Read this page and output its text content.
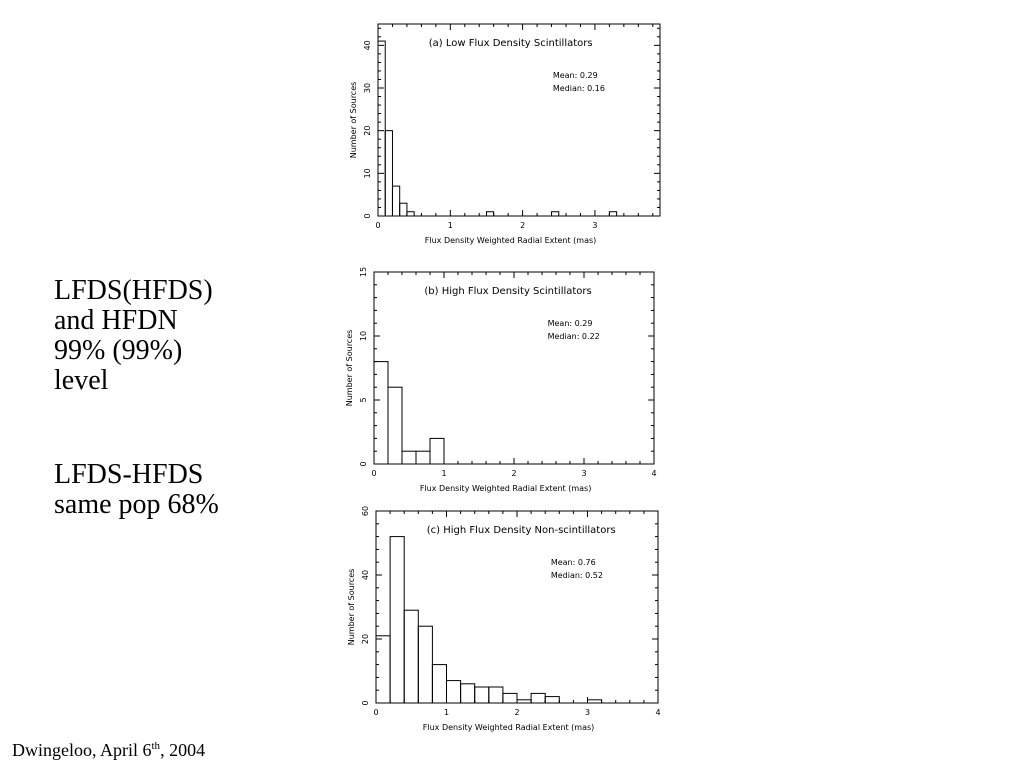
LFDS(HFDS)
and HFDN
99% (99%)
level
LFDS-HFDS
same pop 68%
Dwingeloo, April 6th, 2004
0	1	2	3
0
10
20
30
40	(a) Low Flux Density Scintillators
Mean: 0.29
Median: 0.16
Flux Density Weighted Radial Extent (mas)
Number of Sources
0	1	2	3	4
0
5
10
15
(b) High Flux Density Scintillators
Mean: 0.29
Median: 0.22
Flux Density Weighted Radial Extent (mas)
Number of Sources
0	1	2	3	4
0
20
40
60
(c) High Flux Density Non-scintillators
Mean: 0.76
Median: 0.52
Flux Density Weighted Radial Extent (mas)
Number of Sources
